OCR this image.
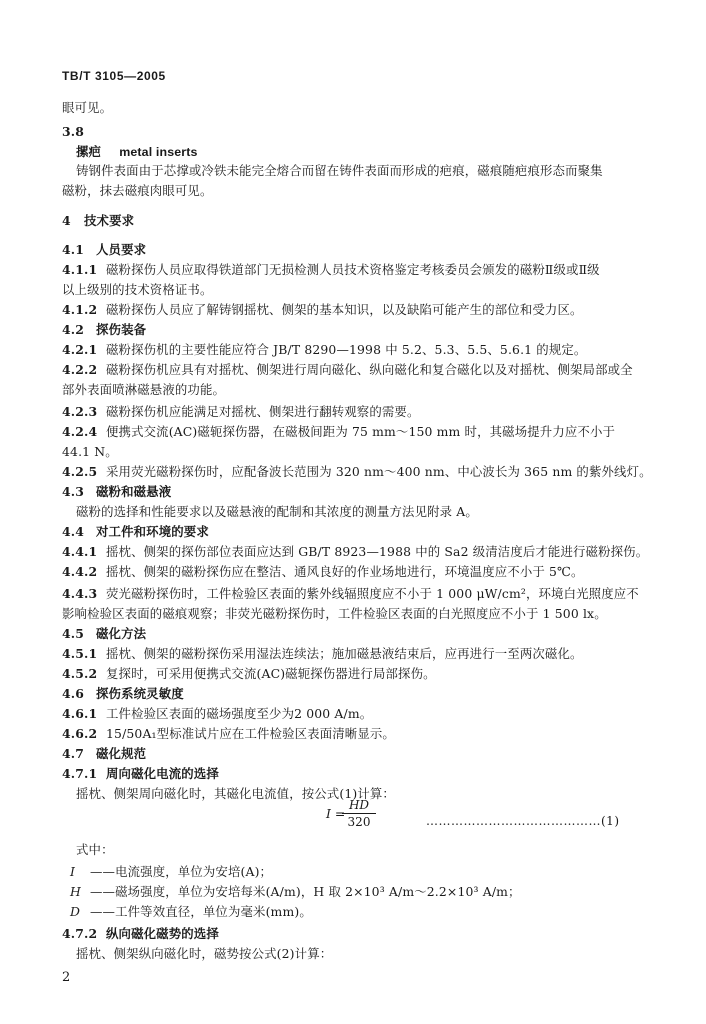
TB/T 3105—2005
眼可见。
3.8
摞疤 metal inserts
铸钢件表面由于芯撑或冷铁未能完全熔合而留在铸件表面而形成的疤痕，磁痕随疤痕形态而聚集
磁粉，抹去磁痕肉眼可见。
4 技术要求
4.1 人员要求
4.1.1 磁粉探伤人员应取得铁道部门无损检测人员技术资格鉴定考核委员会颁发的磁粉Ⅱ级或Ⅱ级
以上级别的技术资格证书。
4.1.2 磁粉探伤人员应了解铸钢摇枕、侧架的基本知识，以及缺陷可能产生的部位和受力区。
4.2 探伤装备
4.2.1 磁粉探伤机的主要性能应符合 JB/T 8290—1998 中 5.2、5.3、5.5、5.6.1 的规定。
4.2.2 磁粉探伤机应具有对摇枕、侧架进行周向磁化、纵向磁化和复合磁化以及对摇枕、侧架局部或全
部外表面喷淋磁悬液的功能。
4.2.3 磁粉探伤机应能满足对摇枕、侧架进行翻转观察的需要。
4.2.4 便携式交流(AC)磁轭探伤器，在磁极间距为 75 mm～150 mm 时，其磁场提升力应不小于
44.1 N。
4.2.5 采用荧光磁粉探伤时，应配备波长范围为 320 nm～400 nm、中心波长为 365 nm 的紫外线灯。
4.3 磁粉和磁悬液
磁粉的选择和性能要求以及磁悬液的配制和其浓度的测量方法见附录 A。
4.4 对工件和环境的要求
4.4.1 摇枕、侧架的探伤部位表面应达到 GB/T 8923—1988 中的 Sa2 级清洁度后才能进行磁粉探伤。
4.4.2 摇枕、侧架的磁粉探伤应在整洁、通风良好的作业场地进行，环境温度应不小于 5℃。
4.4.3 荧光磁粉探伤时，工件检验区表面的紫外线辐照度应不小于 1 000 μW/cm²，环境白光照度应不
影响检验区表面的磁痕观察；非荧光磁粉探伤时，工件检验区表面的白光照度应不小于 1 500 lx。
4.5 磁化方法
4.5.1 摇枕、侧架的磁粉探伤采用湿法连续法；施加磁悬液结束后，应再进行一至两次磁化。
4.5.2 复探时，可采用便携式交流(AC)磁轭探伤器进行局部探伤。
4.6 探伤系统灵敏度
4.6.1 工件检验区表面的磁场强度至少为2 000 A/m。
4.6.2 15/50A₁型标准试片应在工件检验区表面清晰显示。
4.7 磁化规范
4.7.1 周向磁化电流的选择
摇枕、侧架周向磁化时，其磁化电流值，按公式(1)计算：
I =
$\frac{HD}{320}$	……………………………………(1)
式中：
I ——电流强度，单位为安培(A)；
H ——磁场强度，单位为安培每米(A/m)，H 取 2×10³ A/m～2.2×10³ A/m；
D ——工件等效直径，单位为毫米(mm)。
4.7.2 纵向磁化磁势的选择
摇枕、侧架纵向磁化时，磁势按公式(2)计算：
2
